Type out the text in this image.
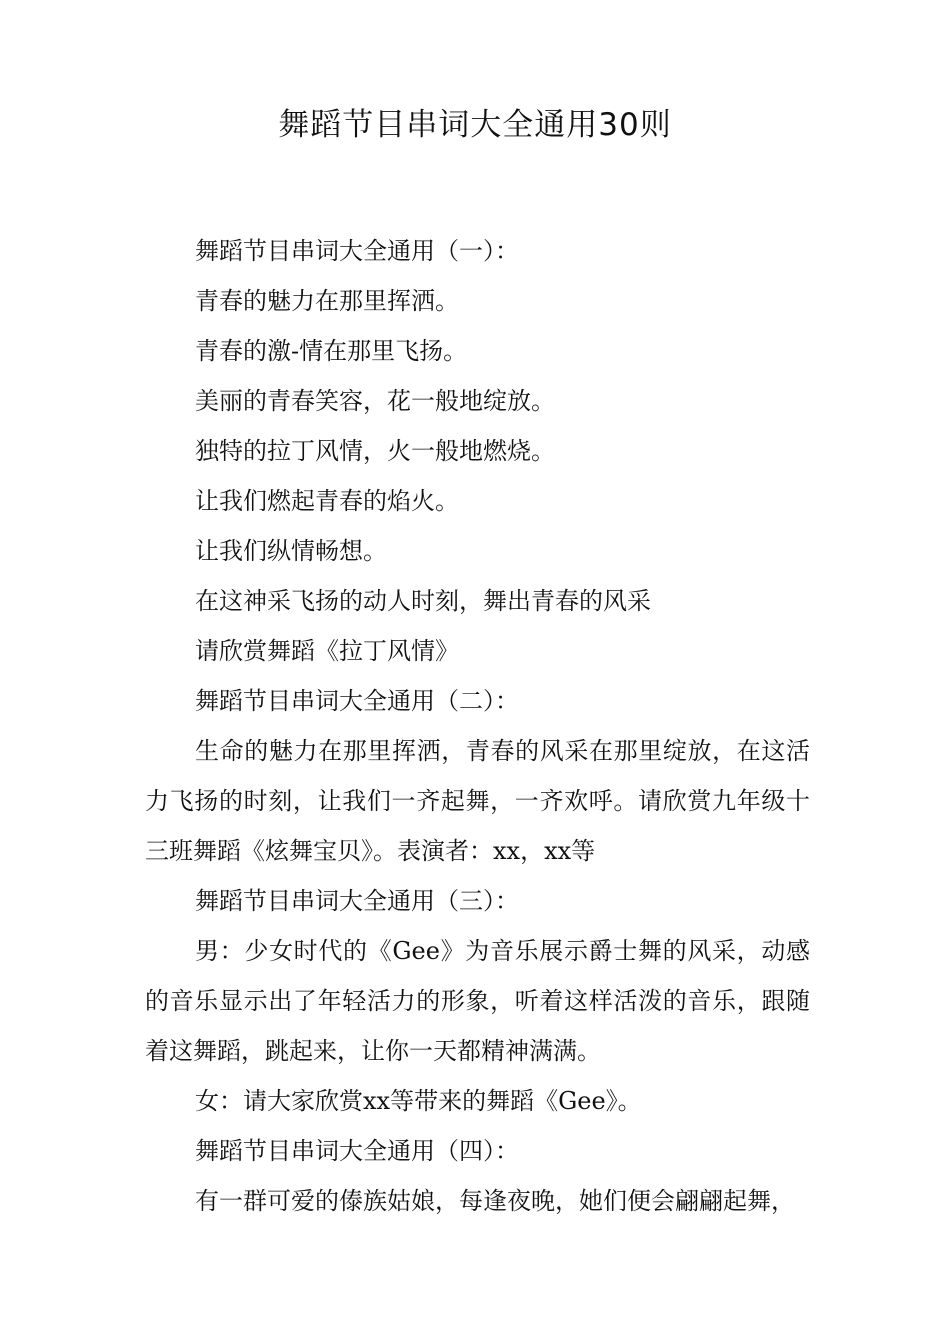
舞蹈节目串词大全通用30则

舞蹈节目串词大全通用（一）：

青春的魅力在那里挥洒。

青春的激-情在那里飞扬。

美丽的青春笑容，花一般地绽放。

独特的拉丁风情，火一般地燃烧。

让我们燃起青春的焰火。

让我们纵情畅想。

在这神采飞扬的动人时刻，舞出青春的风采

请欣赏舞蹈《拉丁风情》

舞蹈节目串词大全通用（二）：

生命的魅力在那里挥洒，青春的风采在那里绽放，在这活力飞扬的时刻，让我们一齐起舞，一齐欢呼。请欣赏九年级十三班舞蹈《炫舞宝贝》。表演者：xx，xx等

舞蹈节目串词大全通用（三）：

男：少女时代的《Gee》为音乐展示爵士舞的风采，动感的音乐显示出了年轻活力的形象，听着这样活泼的音乐，跟随着这舞蹈，跳起来，让你一天都精神满满。

女：请大家欣赏xx等带来的舞蹈《Gee》。

舞蹈节目串词大全通用（四）：

有一群可爱的傣族姑娘，每逢夜晚，她们便会翩翩起舞，
